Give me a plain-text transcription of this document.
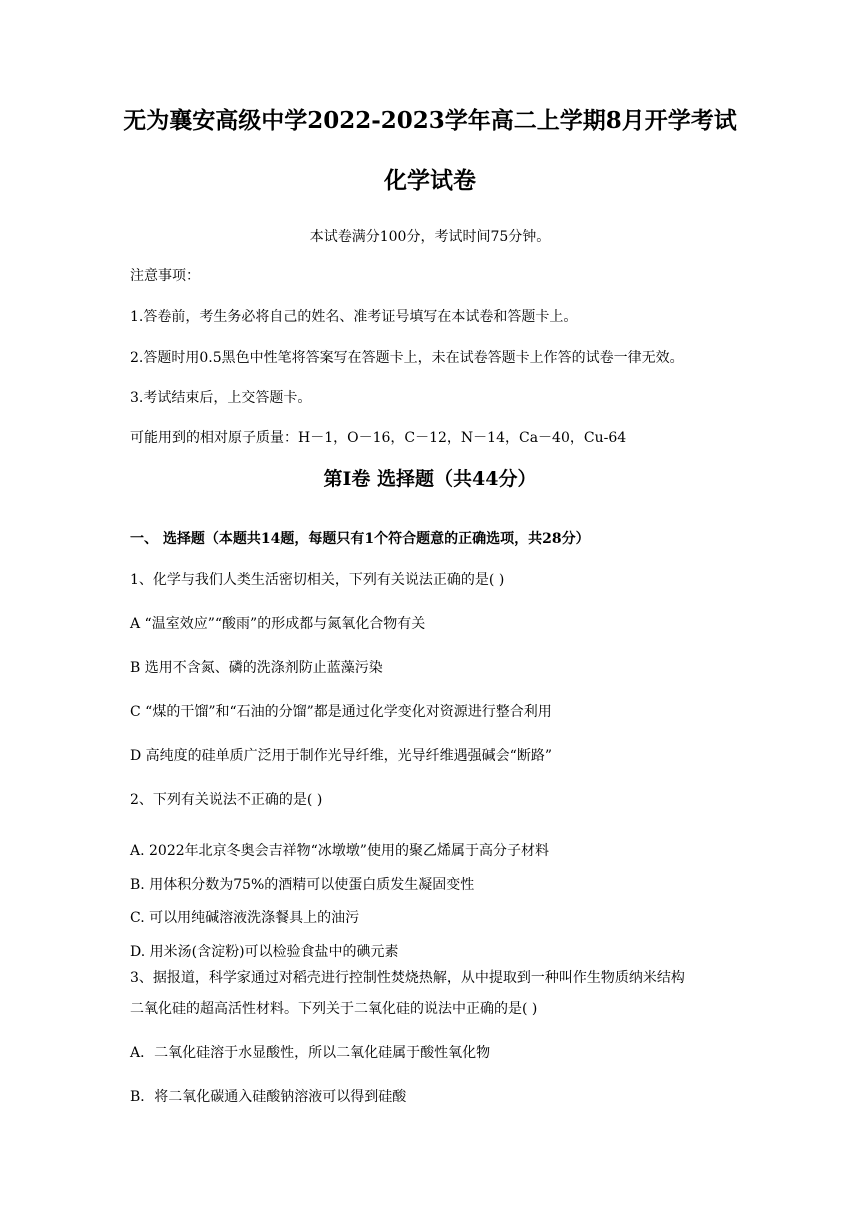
无为襄安高级中学2022-2023学年高二上学期8月开学考试
化学试卷
本试卷满分100分，考试时间75分钟。
注意事项：
1.答卷前，考生务必将自己的姓名、准考证号填写在本试卷和答题卡上。
2.答题时用0.5黑色中性笔将答案写在答题卡上，未在试卷答题卡上作答的试卷一律无效。
3.考试结束后，上交答题卡。
可能用到的相对原子质量：H－1，O－16，C－12，N－14，Ca－40，Cu-64
第Ⅰ卷 选择题（共44分）
一、 选择题（本题共14题，每题只有1个符合题意的正确选项，共28分）
1、化学与我们人类生活密切相关，下列有关说法正确的是( )
A “温室效应”“酸雨”的形成都与氮氧化合物有关
B 选用不含氮、磷的洗涤剂防止蓝藻污染
C “煤的干馏”和“石油的分馏”都是通过化学变化对资源进行整合利用
D 高纯度的硅单质广泛用于制作光导纤维，光导纤维遇强碱会“断路”
2、下列有关说法不正确的是( )
A. 2022年北京冬奥会吉祥物“冰墩墩”使用的聚乙烯属于高分子材料
B. 用体积分数为75%的酒精可以使蛋白质发生凝固变性
C. 可以用纯碱溶液洗涤餐具上的油污
D. 用米汤(含淀粉)可以检验食盐中的碘元素
3、据报道，科学家通过对稻壳进行控制性焚烧热解，从中提取到一种叫作生物质纳米结构
二氧化硅的超高活性材料。下列关于二氧化硅的说法中正确的是( )
A．二氧化硅溶于水显酸性，所以二氧化硅属于酸性氧化物
B．将二氧化碳通入硅酸钠溶液可以得到硅酸
